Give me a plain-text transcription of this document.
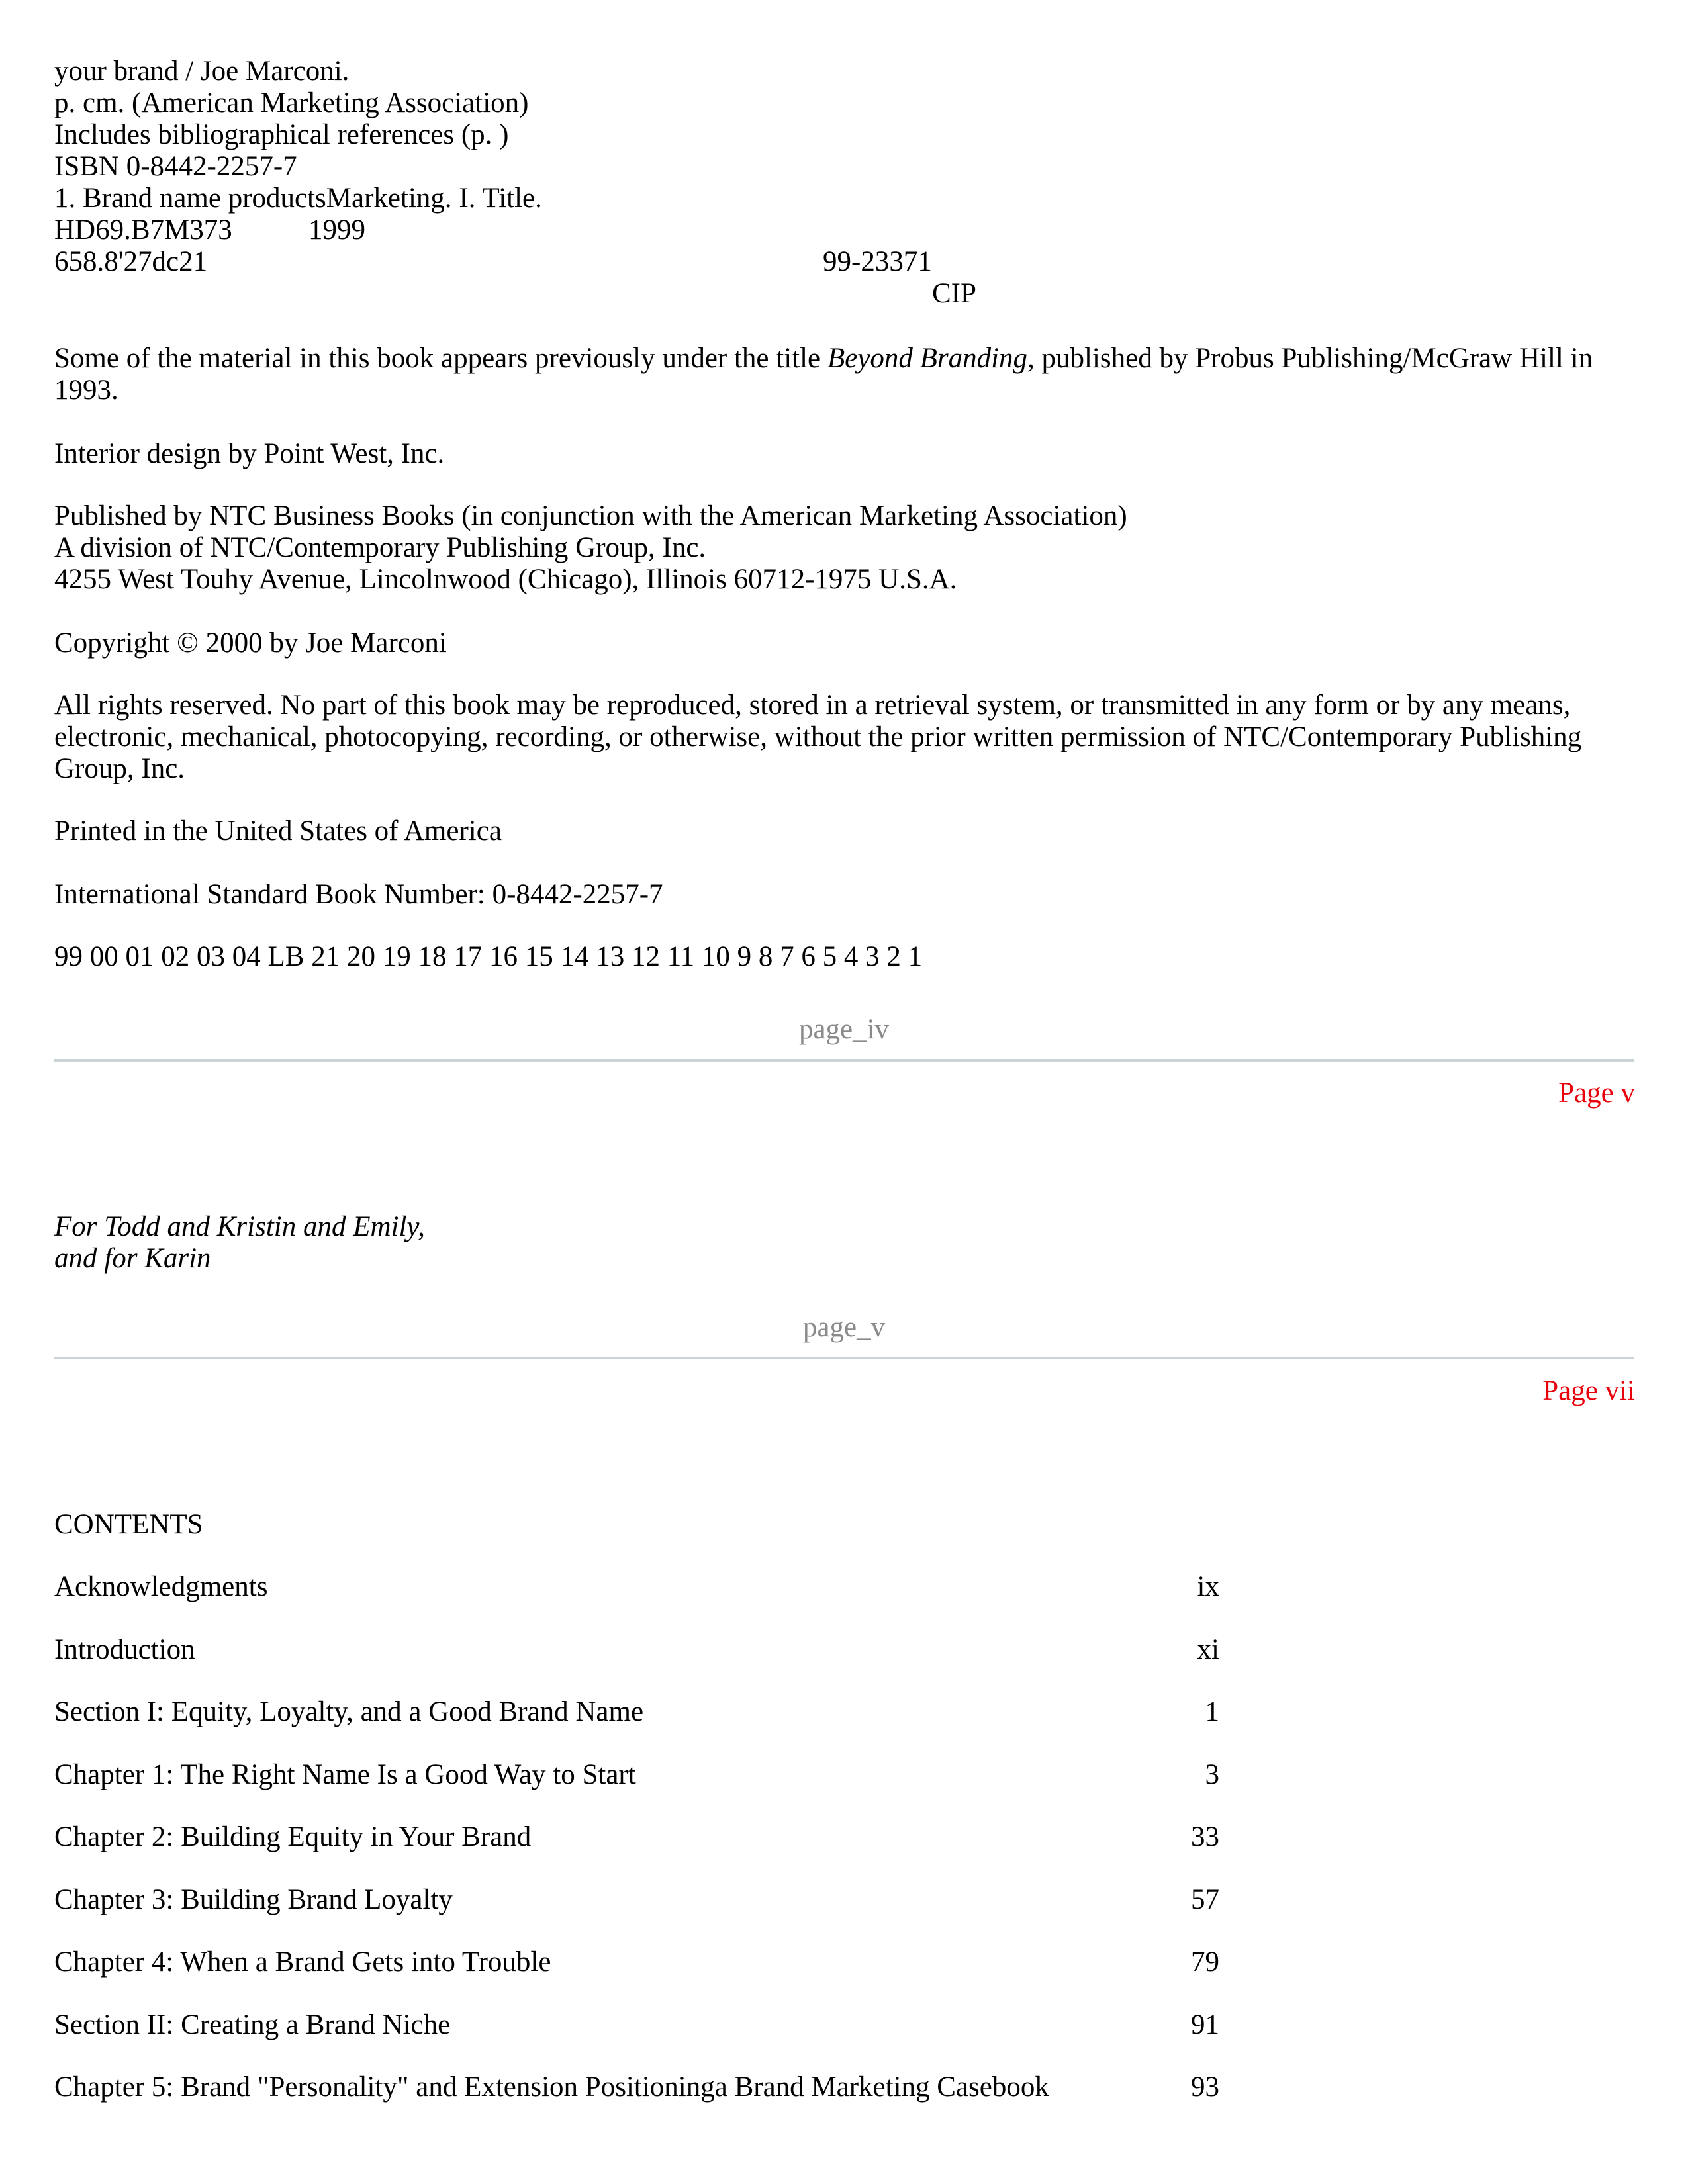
your brand / Joe Marconi.
p. cm. (American Marketing Association)
Includes bibliographical references (p. )
ISBN 0-8442-2257-7
1. Brand name productsMarketing. I. Title.
HD69.B7M373	1999
658.8'27dc21	99-23371
CIP
Some of the material in this book appears previously under the title Beyond Branding, published by Probus Publishing/McGraw Hill in 1993.
Interior design by Point West, Inc.
Published by NTC Business Books (in conjunction with the American Marketing Association)
A division of NTC/Contemporary Publishing Group, Inc.
4255 West Touhy Avenue, Lincolnwood (Chicago), Illinois 60712-1975 U.S.A.
Copyright © 2000 by Joe Marconi
All rights reserved. No part of this book may be reproduced, stored in a retrieval system, or transmitted in any form or by any means, electronic, mechanical, photocopying, recording, or otherwise, without the prior written permission of NTC/Contemporary Publishing Group, Inc.
Printed in the United States of America
International Standard Book Number: 0-8442-2257-7
99 00 01 02 03 04 LB 21 20 19 18 17 16 15 14 13 12 11 10 9 8 7 6 5 4 3 2 1
page_iv
Page v
For Todd and Kristin and Emily,
and for Karin
page_v
Page vii
CONTENTS
Acknowledgments	ix
Introduction	xi
Section I: Equity, Loyalty, and a Good Brand Name	1
Chapter 1: The Right Name Is a Good Way to Start	3
Chapter 2: Building Equity in Your Brand	33
Chapter 3: Building Brand Loyalty	57
Chapter 4: When a Brand Gets into Trouble	79
Section II: Creating a Brand Niche	91
Chapter 5: Brand "Personality" and Extension Positioninga Brand Marketing Casebook	93
